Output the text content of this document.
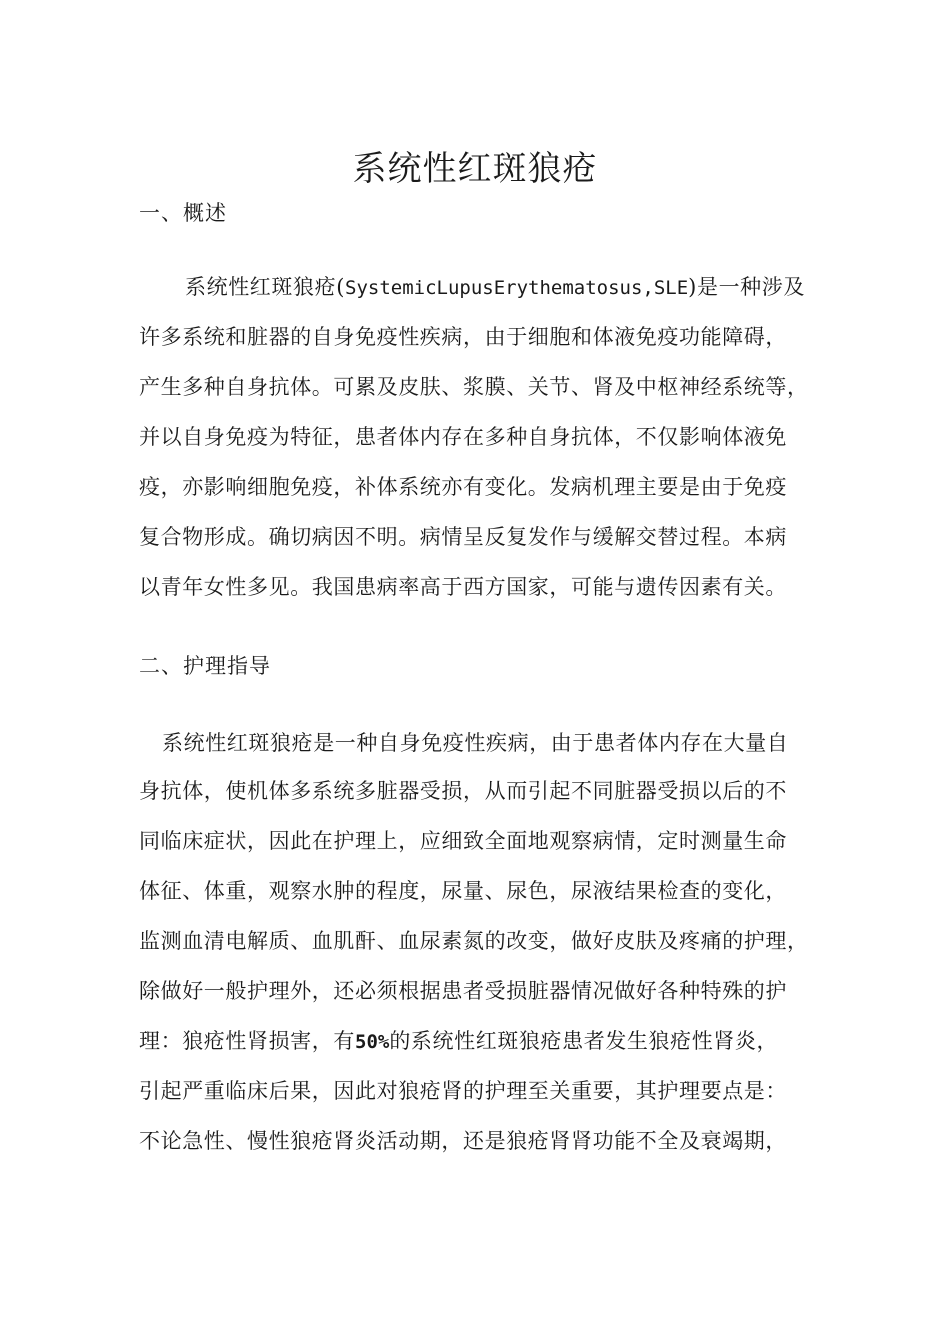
系统性红斑狼疮
一、概述
系统性红斑狼疮(SystemicLupusErythematosus,SLE)是一种涉及
许多系统和脏器的自身免疫性疾病，由于细胞和体液免疫功能障碍，
产生多种自身抗体。可累及皮肤、浆膜、关节、肾及中枢神经系统等，
并以自身免疫为特征，患者体内存在多种自身抗体，不仅影响体液免
疫，亦影响细胞免疫，补体系统亦有变化。发病机理主要是由于免疫
复合物形成。确切病因不明。病情呈反复发作与缓解交替过程。本病
以青年女性多见。我国患病率高于西方国家，可能与遗传因素有关。
二、护理指导
系统性红斑狼疮是一种自身免疫性疾病，由于患者体内存在大量自
身抗体，使机体多系统多脏器受损，从而引起不同脏器受损以后的不
同临床症状，因此在护理上，应细致全面地观察病情，定时测量生命
体征、体重，观察水肿的程度，尿量、尿色，尿液结果检查的变化，
监测血清电解质、血肌酐、血尿素氮的改变，做好皮肤及疼痛的护理，
除做好一般护理外，还必须根据患者受损脏器情况做好各种特殊的护
理：狼疮性肾损害，有50%的系统性红斑狼疮患者发生狼疮性肾炎，
引起严重临床后果，因此对狼疮肾的护理至关重要，其护理要点是：
不论急性、慢性狼疮肾炎活动期，还是狼疮肾肾功能不全及衰竭期，
